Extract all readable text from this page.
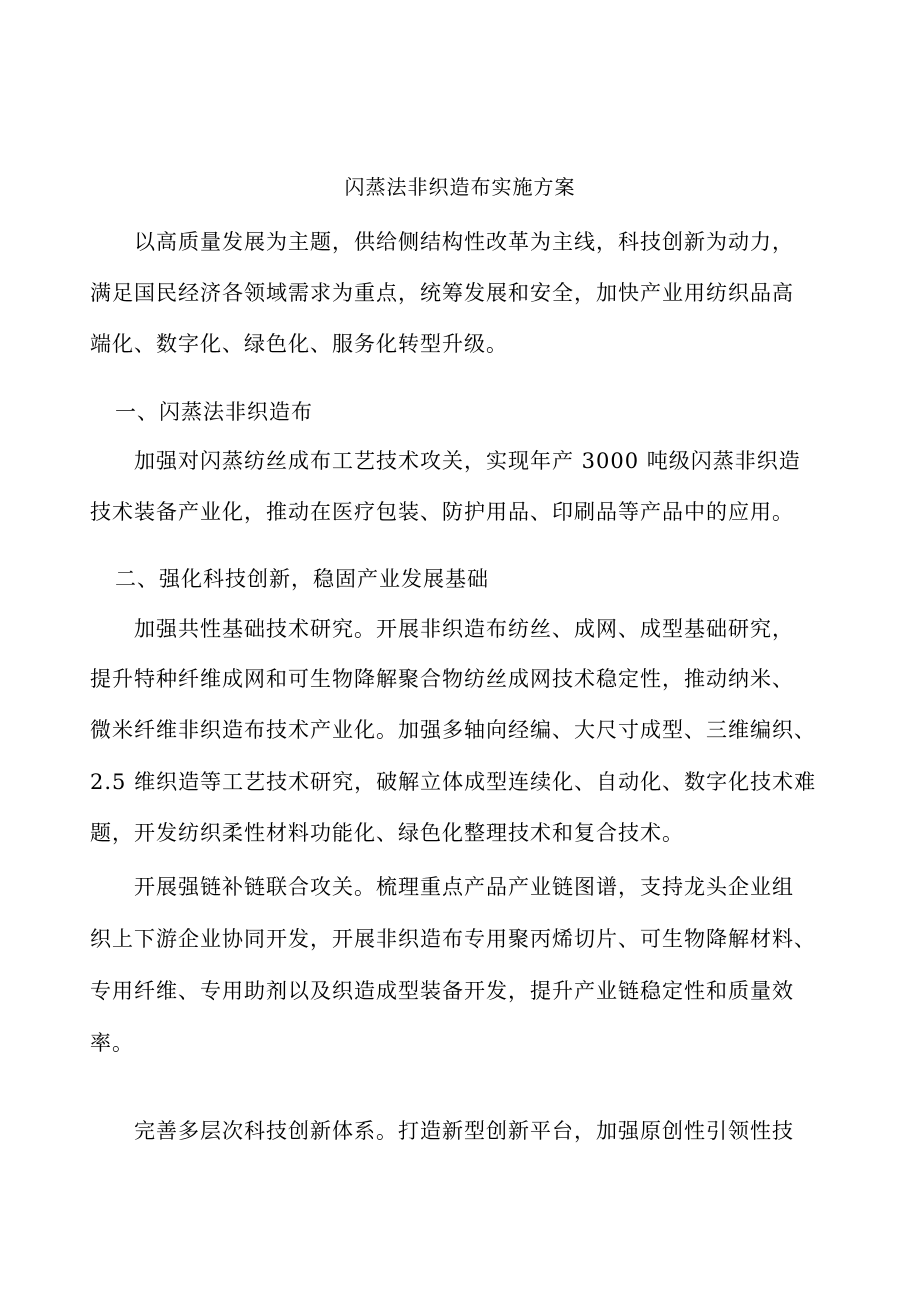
闪蒸法非织造布实施方案
以高质量发展为主题，供给侧结构性改革为主线，科技创新为动力，
满足国民经济各领域需求为重点，统筹发展和安全，加快产业用纺织品高
端化、数字化、绿色化、服务化转型升级。
一、闪蒸法非织造布
加强对闪蒸纺丝成布工艺技术攻关，实现年产 3000 吨级闪蒸非织造
技术装备产业化，推动在医疗包装、防护用品、印刷品等产品中的应用。
二、强化科技创新，稳固产业发展基础
加强共性基础技术研究。开展非织造布纺丝、成网、成型基础研究，
提升特种纤维成网和可生物降解聚合物纺丝成网技术稳定性，推动纳米、
微米纤维非织造布技术产业化。加强多轴向经编、大尺寸成型、三维编织、
2.5 维织造等工艺技术研究，破解立体成型连续化、自动化、数字化技术难
题，开发纺织柔性材料功能化、绿色化整理技术和复合技术。
开展强链补链联合攻关。梳理重点产品产业链图谱，支持龙头企业组
织上下游企业协同开发，开展非织造布专用聚丙烯切片、可生物降解材料、
专用纤维、专用助剂以及织造成型装备开发，提升产业链稳定性和质量效
率。
完善多层次科技创新体系。打造新型创新平台，加强原创性引领性技
